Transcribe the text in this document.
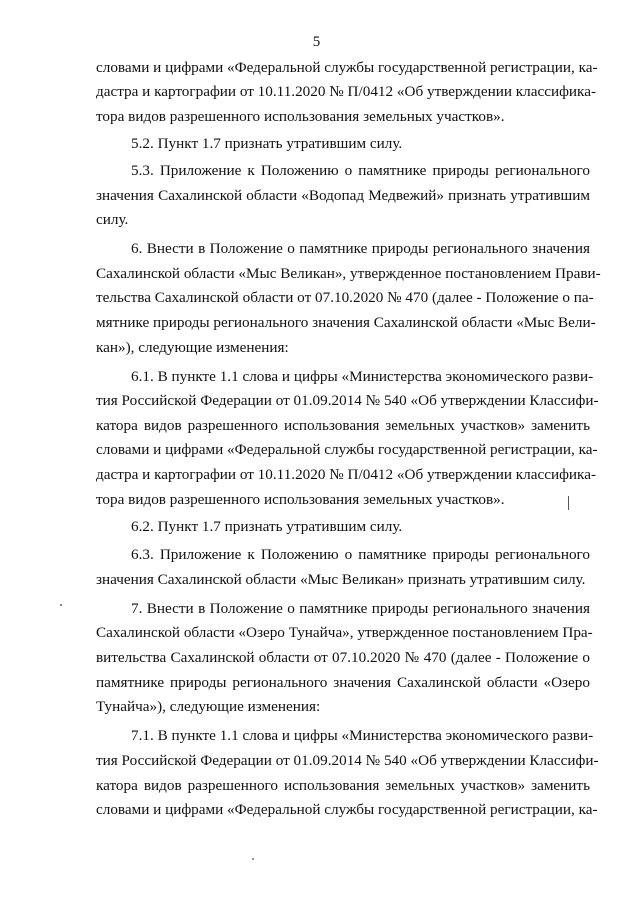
5
словами и цифрами «Федеральной службы государственной регистрации, ка-
дастра и картографии от 10.11.2020 № П/0412 «Об утверждении классифика-
тора видов разрешенного использования земельных участков».
5.2. Пункт 1.7 признать утратившим силу.
5.3. Приложение к Положению о памятнике природы регионального
значения Сахалинской области «Водопад Медвежий» признать утратившим
силу.
6. Внести в Положение о памятнике природы регионального значения
Сахалинской области «Мыс Великан», утвержденное постановлением Прави-
тельства Сахалинской области от 07.10.2020 № 470 (далее - Положение о па-
мятнике природы регионального значения Сахалинской области «Мыс Вели-
кан»), следующие изменения:
6.1. В пункте 1.1 слова и цифры «Министерства экономического разви-
тия Российской Федерации от 01.09.2014 № 540 «Об утверждении Классифи-
катора видов разрешенного использования земельных участков» заменить
словами и цифрами «Федеральной службы государственной регистрации, ка-
дастра и картографии от 10.11.2020 № П/0412 «Об утверждении классифика-
тора видов разрешенного использования земельных участков».
6.2. Пункт 1.7 признать утратившим силу.
6.3. Приложение к Положению о памятнике природы регионального
значения Сахалинской области «Мыс Великан» признать утратившим силу.
7. Внести в Положение о памятнике природы регионального значения
Сахалинской области «Озеро Тунайча», утвержденное постановлением Пра-
вительства Сахалинской области от 07.10.2020 № 470 (далее - Положение о
памятнике природы регионального значения Сахалинской области «Озеро
Тунайча»), следующие изменения:
7.1. В пункте 1.1 слова и цифры «Министерства экономического разви-
тия Российской Федерации от 01.09.2014 № 540 «Об утверждении Классифи-
катора видов разрешенного использования земельных участков» заменить
словами и цифрами «Федеральной службы государственной регистрации, ка-
